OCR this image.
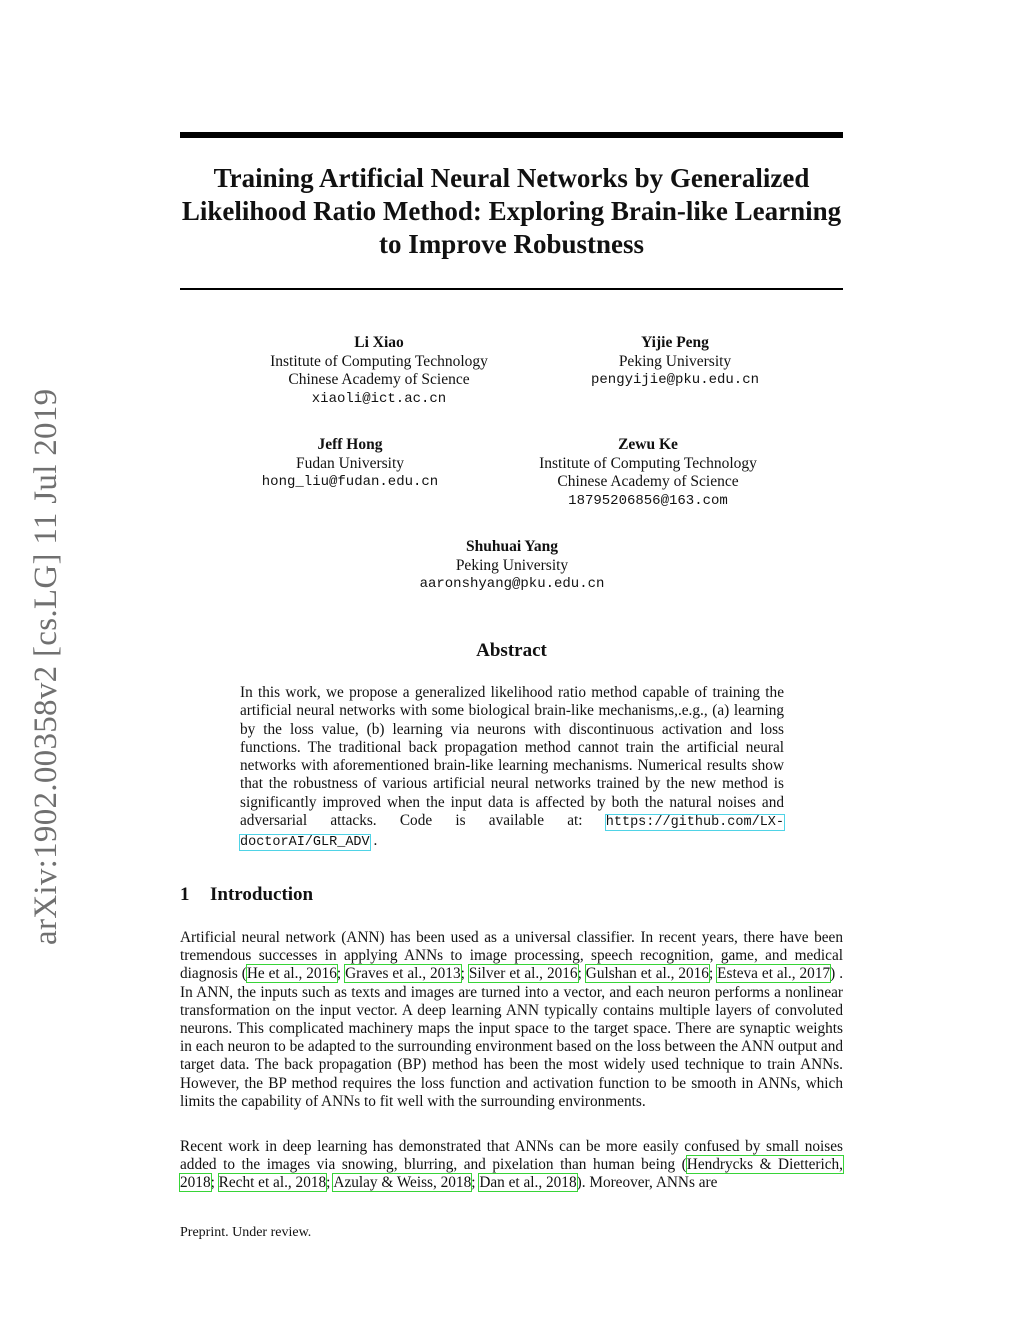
arXiv:1902.00358v2 [cs.LG] 11 Jul 2019
Training Artificial Neural Networks by Generalized Likelihood Ratio Method: Exploring Brain-like Learning to Improve Robustness
Li Xiao
Institute of Computing Technology
Chinese Academy of Science
xiaoli@ict.ac.cn
Yijie Peng
Peking University
pengyijie@pku.edu.cn
Jeff Hong
Fudan University
hong_liu@fudan.edu.cn
Zewu Ke
Institute of Computing Technology
Chinese Academy of Science
18795206856@163.com
Shuhuai Yang
Peking University
aaronshyang@pku.edu.cn
Abstract

In this work, we propose a generalized likelihood ratio method capable of training the artificial neural networks with some biological brain-like mechanisms,.e.g., (a) learning by the loss value, (b) learning via neurons with discontinuous activation and loss functions. The traditional back propagation method cannot train the artificial neural networks with aforementioned brain-like learning mechanisms. Numerical results show that the robustness of various artificial neural networks trained by the new method is significantly improved when the input data is affected by both the natural noises and adversarial attacks. Code is available at: https://github.com/LX-doctorAI/GLR_ADV .

1 Introduction

Artificial neural network (ANN) has been used as a universal classifier. In recent years, there have been tremendous successes in applying ANNs to image processing, speech recognition, game, and medical diagnosis (He et al., 2016; Graves et al., 2013; Silver et al., 2016; Gulshan et al., 2016; Esteva et al., 2017) . In ANN, the inputs such as texts and images are turned into a vector, and each neuron performs a nonlinear transformation on the input vector. A deep learning ANN typically contains multiple layers of convoluted neurons. This complicated machinery maps the input space to the target space. There are synaptic weights in each neuron to be adapted to the surrounding environment based on the loss between the ANN output and target data. The back propagation (BP) method has been the most widely used technique to train ANNs. However, the BP method requires the loss function and activation function to be smooth in ANNs, which limits the capability of ANNs to fit well with the surrounding environments.

Recent work in deep learning has demonstrated that ANNs can be more easily confused by small noises added to the images via snowing, blurring, and pixelation than human being (Hendrycks & Dietterich, 2018; Recht et al., 2018; Azulay & Weiss, 2018; Dan et al., 2018). Moreover, ANNs are

Preprint. Under review.
